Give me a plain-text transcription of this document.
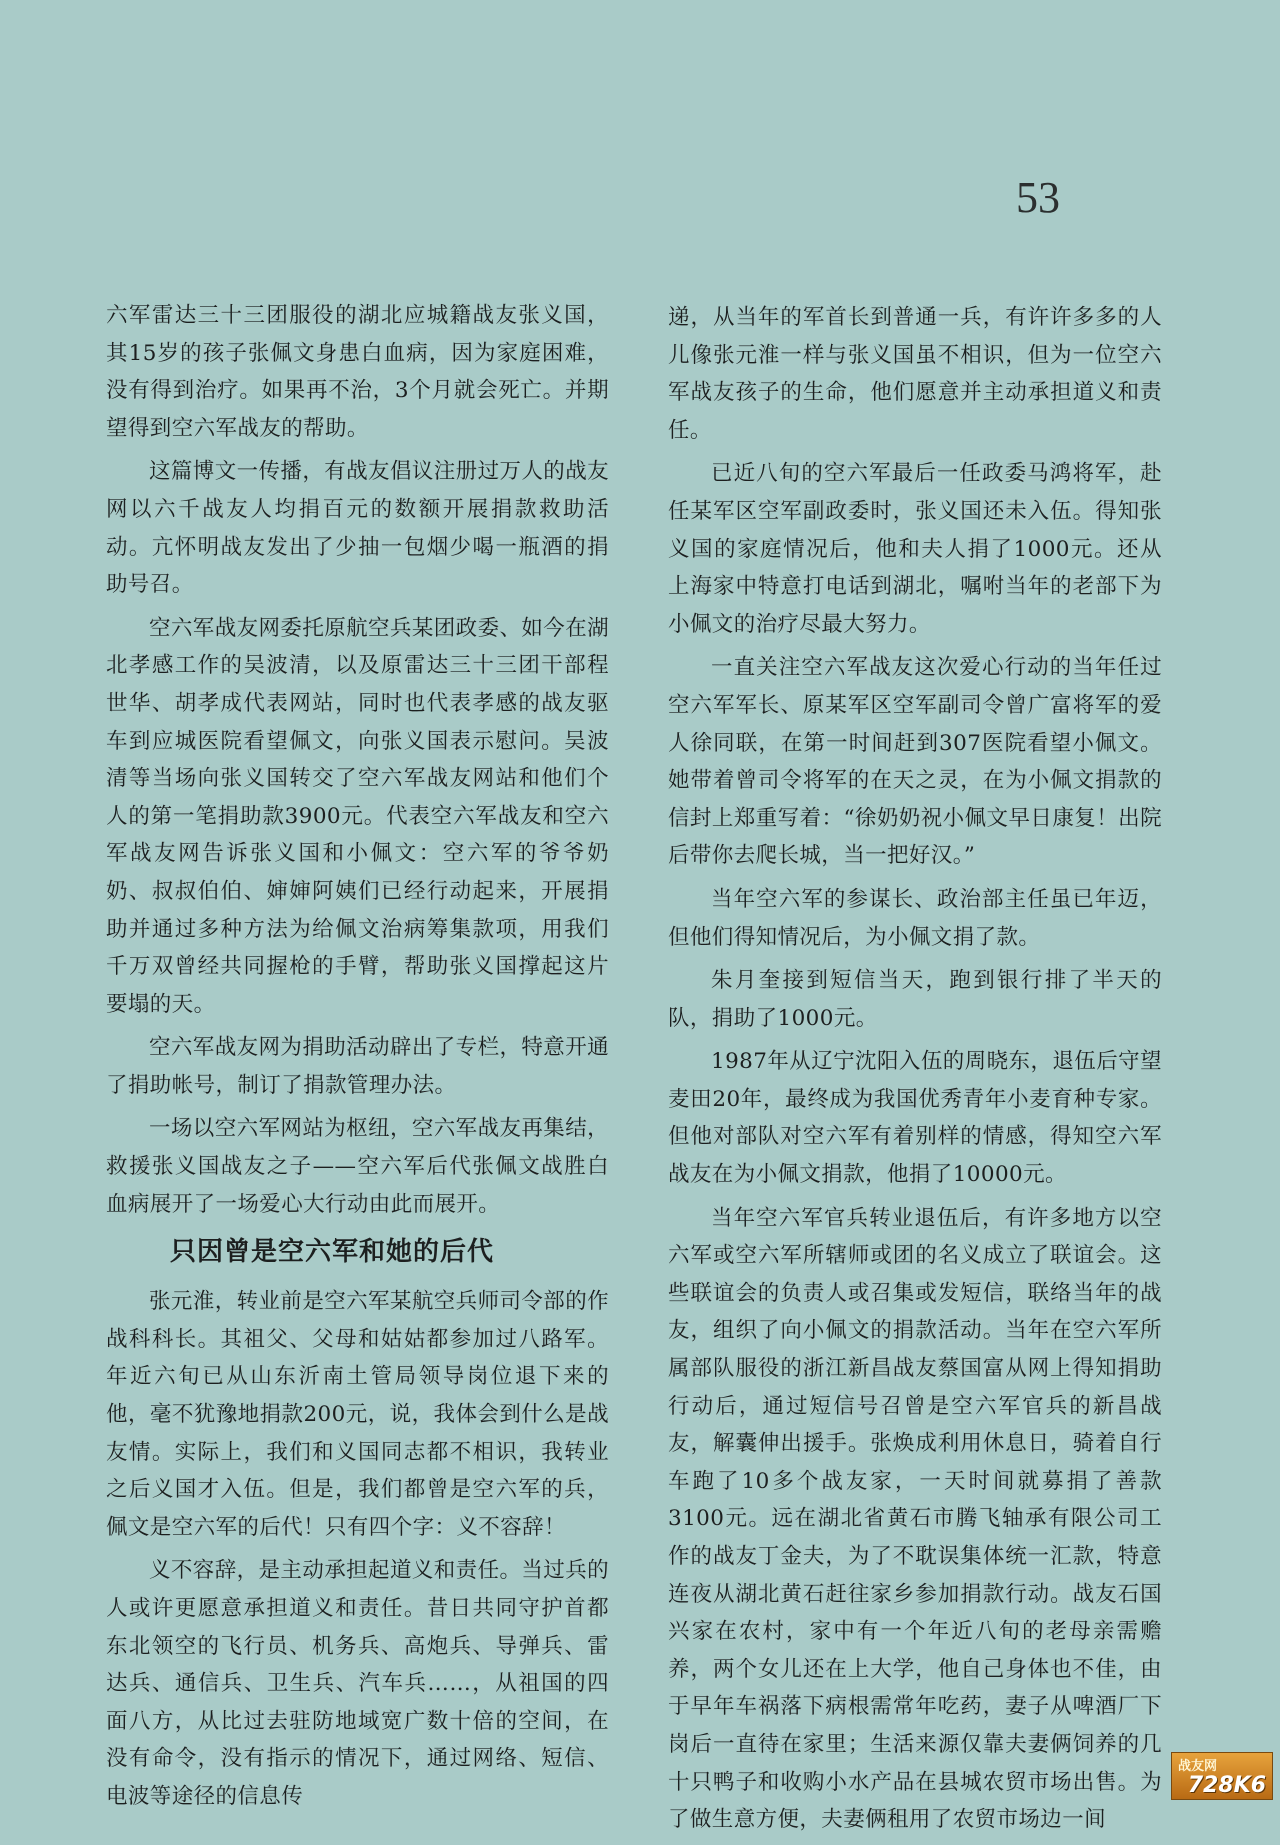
53

六军雷达三十三团服役的湖北应城籍战友张义国，其15岁的孩子张佩文身患白血病，因为家庭困难，没有得到治疗。如果再不治，3个月就会死亡。并期望得到空六军战友的帮助。

这篇博文一传播，有战友倡议注册过万人的战友网以六千战友人均捐百元的数额开展捐款救助活动。亢怀明战友发出了少抽一包烟少喝一瓶酒的捐助号召。

空六军战友网委托原航空兵某团政委、如今在湖北孝感工作的吴波清，以及原雷达三十三团干部程世华、胡孝成代表网站，同时也代表孝感的战友驱车到应城医院看望佩文，向张义国表示慰问。吴波清等当场向张义国转交了空六军战友网站和他们个人的第一笔捐助款3900元。代表空六军战友和空六军战友网告诉张义国和小佩文：空六军的爷爷奶奶、叔叔伯伯、婶婶阿姨们已经行动起来，开展捐助并通过多种方法为给佩文治病筹集款项，用我们千万双曾经共同握枪的手臂，帮助张义国撑起这片要塌的天。

空六军战友网为捐助活动辟出了专栏，特意开通了捐助帐号，制订了捐款管理办法。

一场以空六军网站为枢纽，空六军战友再集结，救援张义国战友之子——空六军后代张佩文战胜白血病展开了一场爱心大行动由此而展开。

只因曾是空六军和她的后代

张元淮，转业前是空六军某航空兵师司令部的作战科科长。其祖父、父母和姑姑都参加过八路军。年近六旬已从山东沂南土管局领导岗位退下来的他，毫不犹豫地捐款200元，说，我体会到什么是战友情。实际上，我们和义国同志都不相识，我转业之后义国才入伍。但是，我们都曾是空六军的兵，佩文是空六军的后代！只有四个字：义不容辞！

义不容辞，是主动承担起道义和责任。当过兵的人或许更愿意承担道义和责任。昔日共同守护首都东北领空的飞行员、机务兵、高炮兵、导弹兵、雷达兵、通信兵、卫生兵、汽车兵……，从祖国的四面八方，从比过去驻防地域宽广数十倍的空间，在没有命令，没有指示的情况下，通过网络、短信、电波等途径的信息传

递，从当年的军首长到普通一兵，有许许多多的人儿像张元淮一样与张义国虽不相识，但为一位空六军战友孩子的生命，他们愿意并主动承担道义和责任。

已近八旬的空六军最后一任政委马鸿将军，赴任某军区空军副政委时，张义国还未入伍。得知张义国的家庭情况后，他和夫人捐了1000元。还从上海家中特意打电话到湖北，嘱咐当年的老部下为小佩文的治疗尽最大努力。

一直关注空六军战友这次爱心行动的当年任过空六军军长、原某军区空军副司令曾广富将军的爱人徐同联，在第一时间赶到307医院看望小佩文。她带着曾司令将军的在天之灵，在为小佩文捐款的信封上郑重写着：“徐奶奶祝小佩文早日康复！出院后带你去爬长城，当一把好汉。”

当年空六军的参谋长、政治部主任虽已年迈，但他们得知情况后，为小佩文捐了款。

朱月奎接到短信当天，跑到银行排了半天的队，捐助了1000元。

1987年从辽宁沈阳入伍的周晓东，退伍后守望麦田20年，最终成为我国优秀青年小麦育种专家。但他对部队对空六军有着别样的情感，得知空六军战友在为小佩文捐款，他捐了10000元。

当年空六军官兵转业退伍后，有许多地方以空六军或空六军所辖师或团的名义成立了联谊会。这些联谊会的负责人或召集或发短信，联络当年的战友，组织了向小佩文的捐款活动。当年在空六军所属部队服役的浙江新昌战友蔡国富从网上得知捐助行动后，通过短信号召曾是空六军官兵的新昌战友，解囊伸出援手。张焕成利用休息日，骑着自行车跑了10多个战友家，一天时间就募捐了善款3100元。远在湖北省黄石市腾飞轴承有限公司工作的战友丁金夫，为了不耽误集体统一汇款，特意连夜从湖北黄石赶往家乡参加捐款行动。战友石国兴家在农村，家中有一个年近八旬的老母亲需赡养，两个女儿还在上大学，他自己身体也不佳，由于早年车祸落下病根需常年吃药，妻子从啤酒厂下岗后一直待在家里；生活来源仅靠夫妻俩饲养的几十只鸭子和收购小水产品在县城农贸市场出售。为了做生意方便，夫妻俩租用了农贸市场边一间

战友网
728K6
